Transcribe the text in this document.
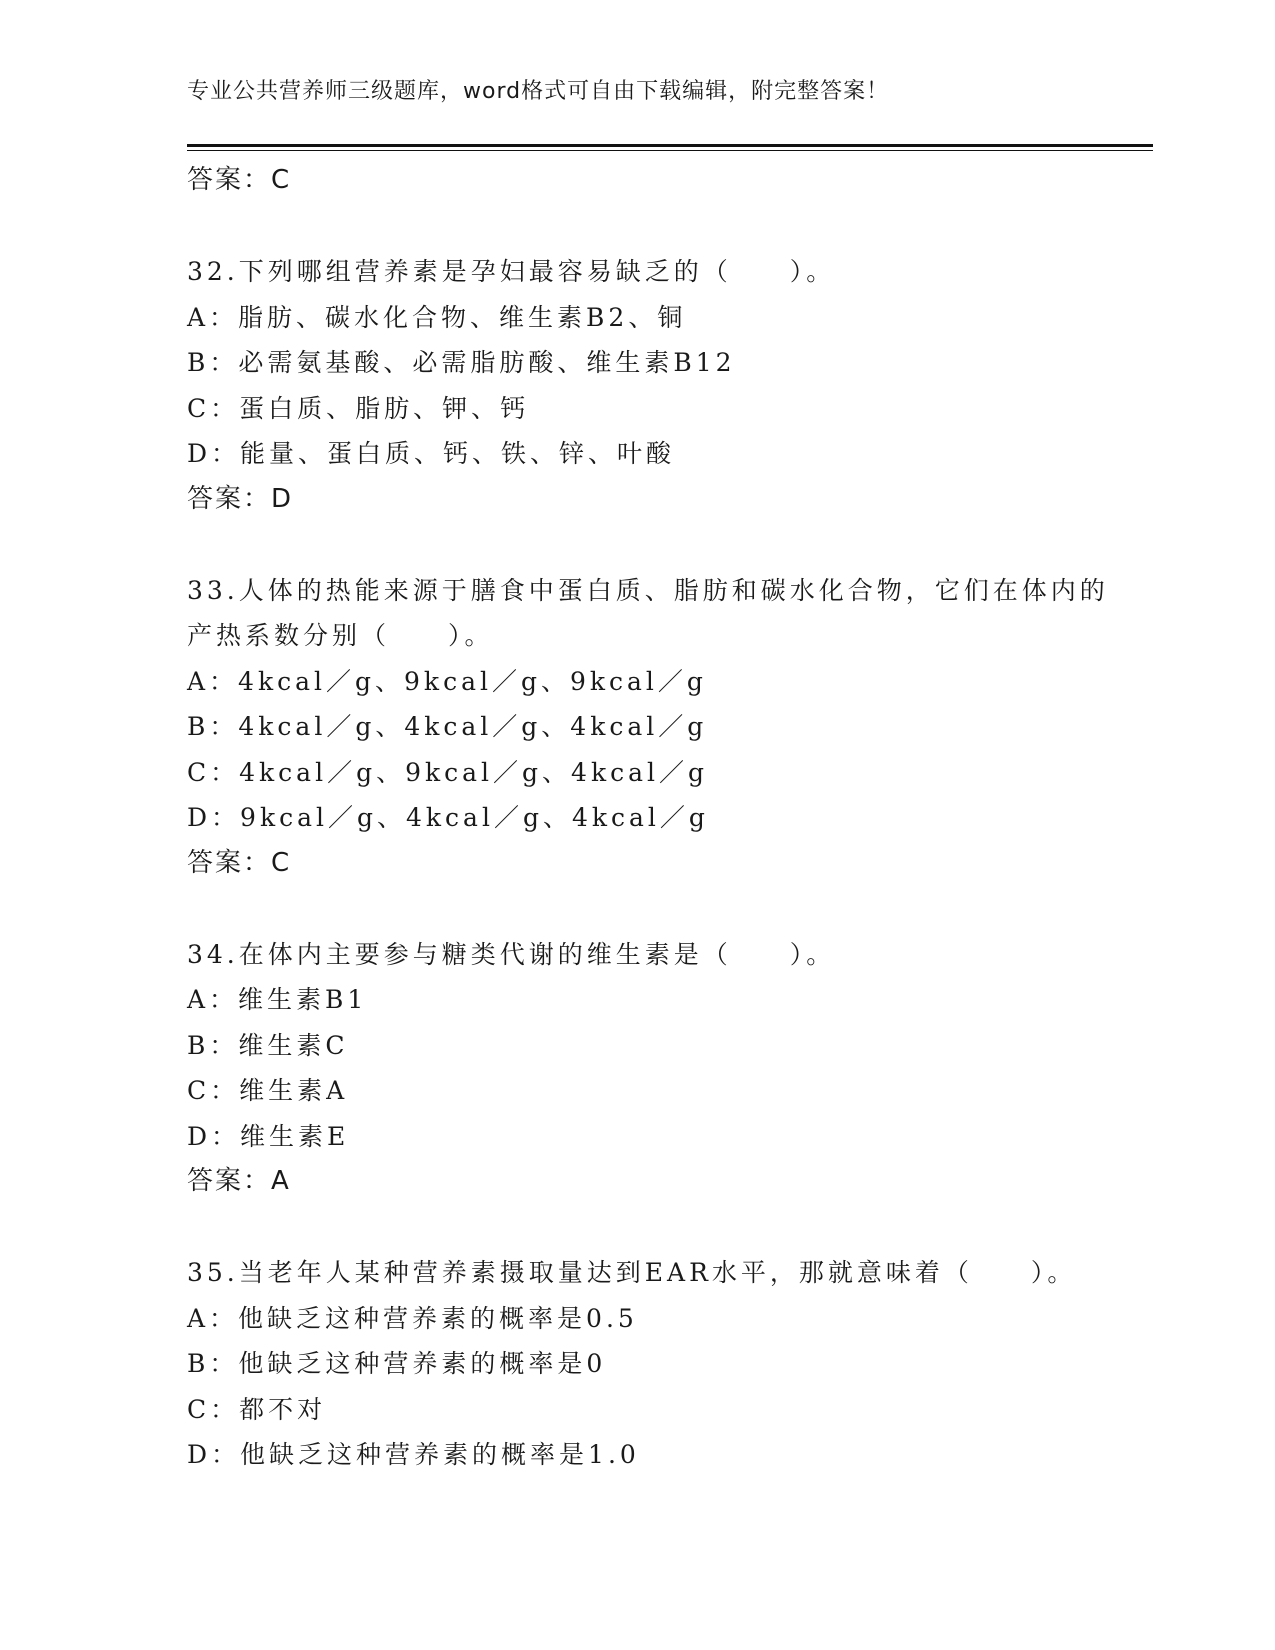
专业公共营养师三级题库，word格式可自由下载编辑，附完整答案！
答案：C
32.下列哪组营养素是孕妇最容易缺乏的（　　）。
A：脂肪、碳水化合物、维生素B2、铜
B：必需氨基酸、必需脂肪酸、维生素B12
C：蛋白质、脂肪、钾、钙
D：能量、蛋白质、钙、铁、锌、叶酸
答案：D
33.人体的热能来源于膳食中蛋白质、脂肪和碳水化合物，它们在体内的产热系数分别（　　）。
A：4kcal／g、9kcal／g、9kcal／g
B：4kcal／g、4kcal／g、4kcal／g
C：4kcal／g、9kcal／g、4kcal／g
D：9kcal／g、4kcal／g、4kcal／g
答案：C
34.在体内主要参与糖类代谢的维生素是（　　）。
A：维生素B1
B：维生素C
C：维生素A
D：维生素E
答案：A
35.当老年人某种营养素摄取量达到EAR水平，那就意味着（　　）。
A：他缺乏这种营养素的概率是0.5
B：他缺乏这种营养素的概率是0
C：都不对
D：他缺乏这种营养素的概率是1.0
